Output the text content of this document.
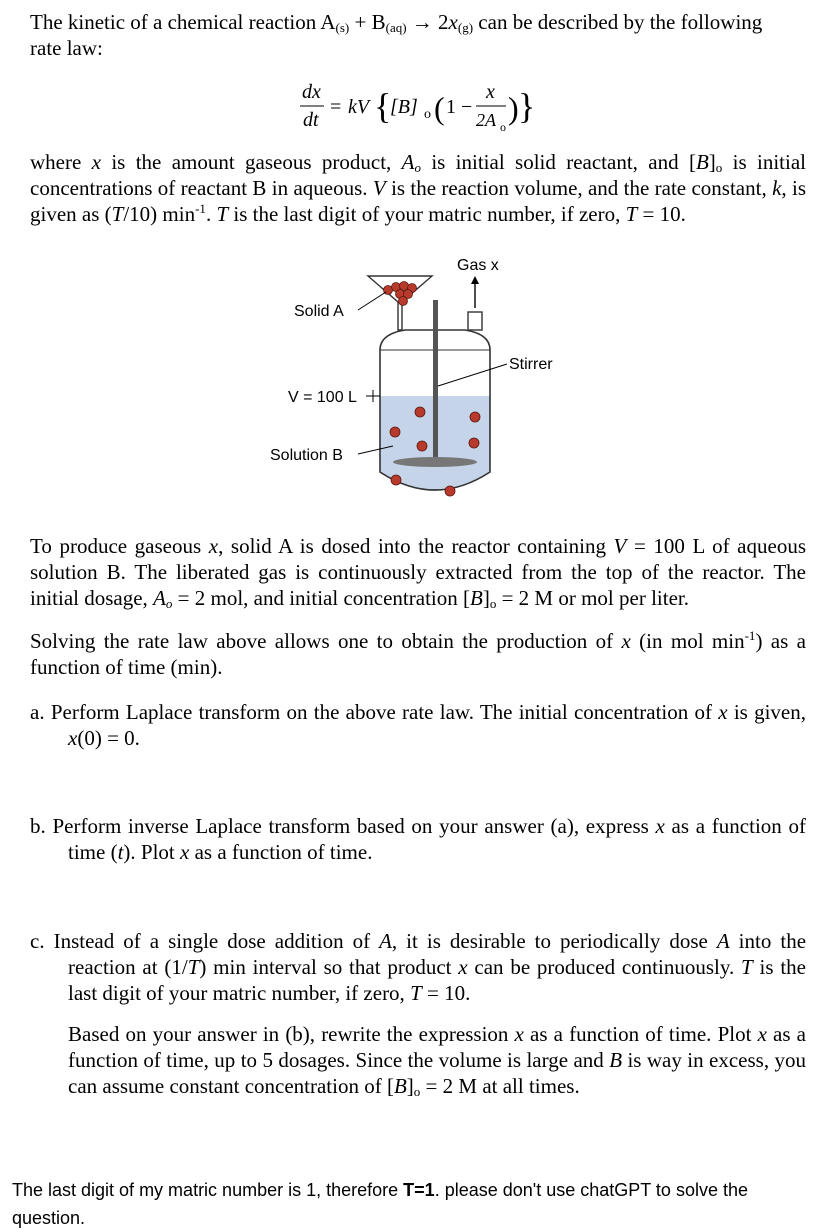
The kinetic of a chemical reaction $A_{(s)} + B_{(aq)} \to 2x_{(g)}$ can be described by the following
rate law:
dx
dt
= kV {
[B] o ( 1 −
x
2A o
) }
where x is the amount gaseous product, $A_o$ is initial solid reactant, and $[B]_o$ is initial concentrations of reactant B in aqueous. V is the reaction volume, and the rate constant, k, is given as (T/10) $\min^{-1}$. T is the last digit of your matric number, if zero, T = 10.
Gas x
Solid A
Stirrer
V = 100 L
Solution B
To produce gaseous x, solid A is dosed into the reactor containing V = 100 L of aqueous solution B. The liberated gas is continuously extracted from the top of the reactor. The initial dosage, $A_o = 2$ mol, and initial concentration $[B]_o = 2$ M or mol per liter.
Solving the rate law above allows one to obtain the production of x (in mol $\min^{-1}$) as a function of time (min).
a. Perform Laplace transform on the above rate law. The initial concentration of x is given, x(0) = 0.
b. Perform inverse Laplace transform based on your answer (a), express x as a function of time (t). Plot x as a function of time.
c. Instead of a single dose addition of A, it is desirable to periodically dose A into the reaction at (1/T) min interval so that product x can be produced continuously. T is the last digit of your matric number, if zero, T = 10.
Based on your answer in (b), rewrite the expression x as a function of time. Plot x as a function of time, up to 5 dosages. Since the volume is large and B is way in excess, you can assume constant concentration of $[B]_o = 2$ M at all times.
The last digit of my matric number is 1, therefore T=1. please don't use chatGPT to solve the question.
